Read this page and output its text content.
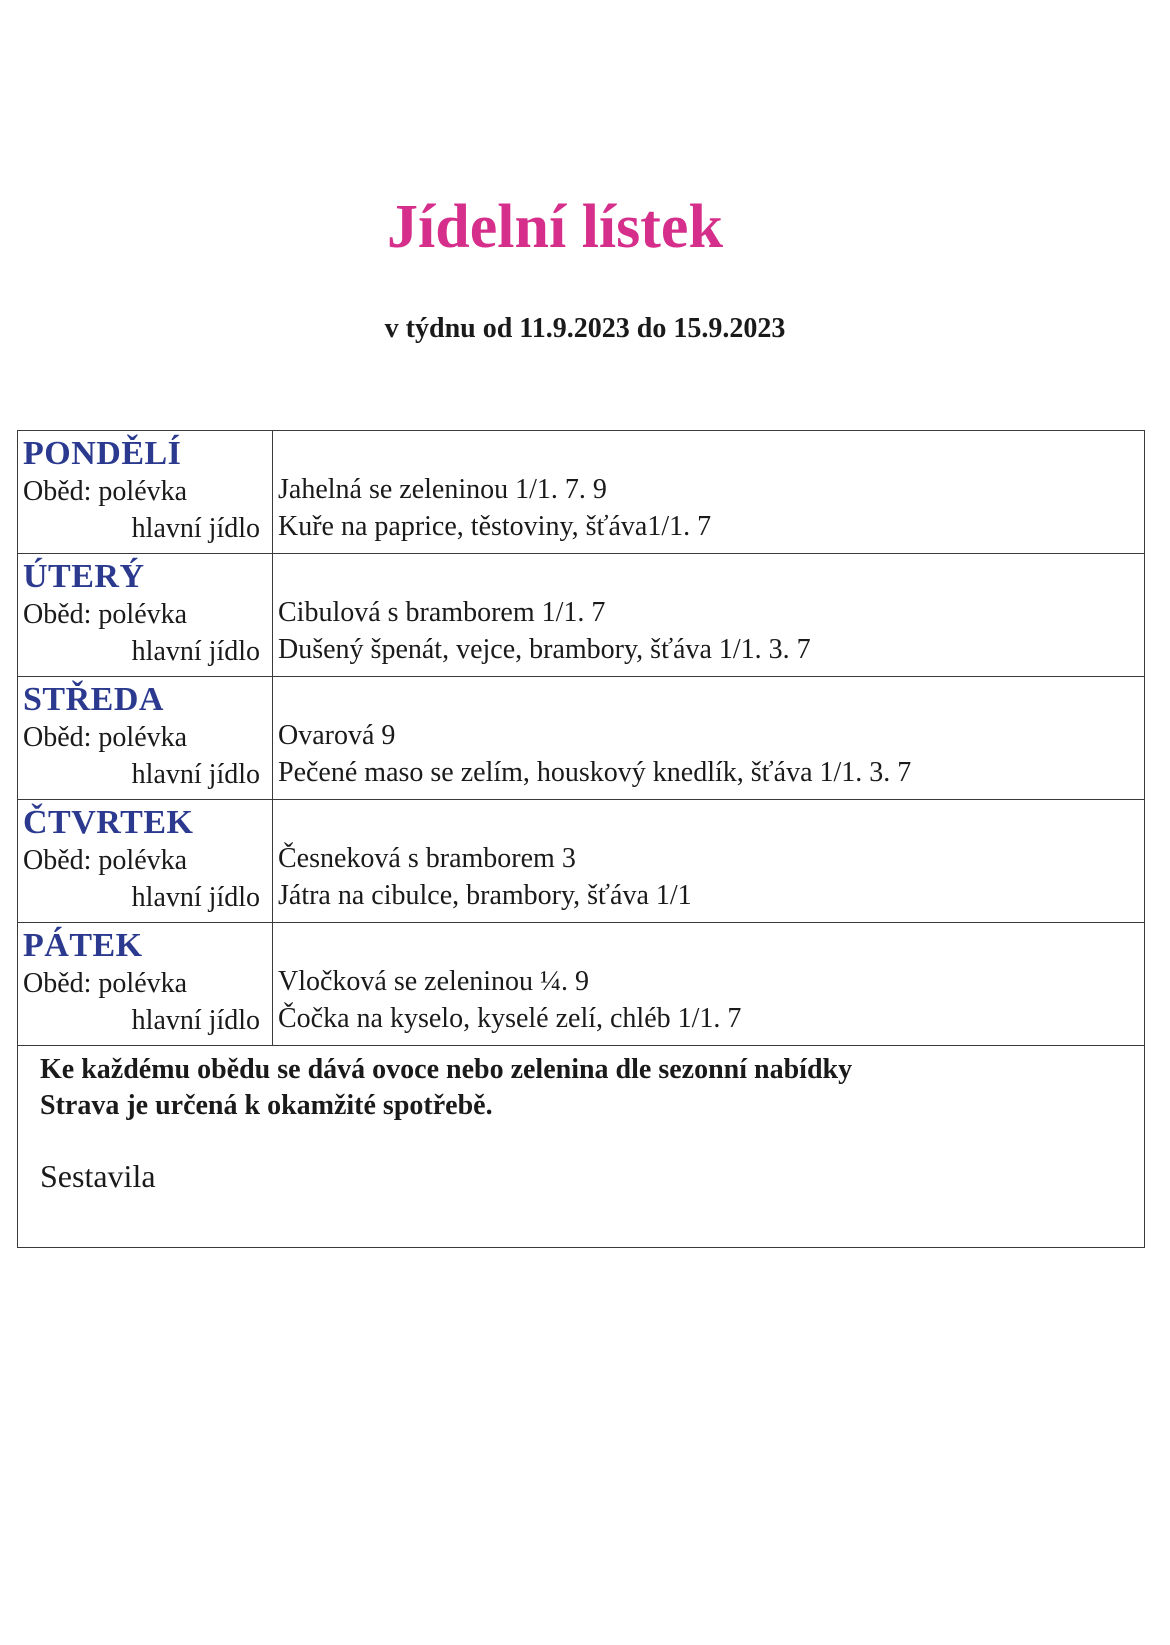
Jídelní lístek
v týdnu od 11.9.2023 do 15.9.2023
PONDĚLÍ
Oběd: polévka
hlavní jídlo
Jahelná se zeleninou 1/1. 7. 9
Kuře na paprice, těstoviny, šťáva1/1. 7
ÚTERÝ
Oběd: polévka
hlavní jídlo
Cibulová s bramborem 1/1. 7
Dušený špenát, vejce, brambory, šťáva 1/1. 3. 7
STŘEDA
Oběd: polévka
hlavní jídlo
Ovarová 9
Pečené maso se zelím, houskový knedlík, šťáva 1/1. 3. 7
ČTVRTEK
Oběd: polévka
hlavní jídlo
Česneková s bramborem 3
Játra na cibulce, brambory, šťáva 1/1
PÁTEK
Oběd: polévka
hlavní jídlo
Vločková se zeleninou ¼. 9
Čočka na kyselo, kyselé zelí, chléb 1/1. 7
Ke každému obědu se dává ovoce nebo zelenina dle sezonní nabídky
Strava je určená k okamžité spotřebě.
Sestavila
